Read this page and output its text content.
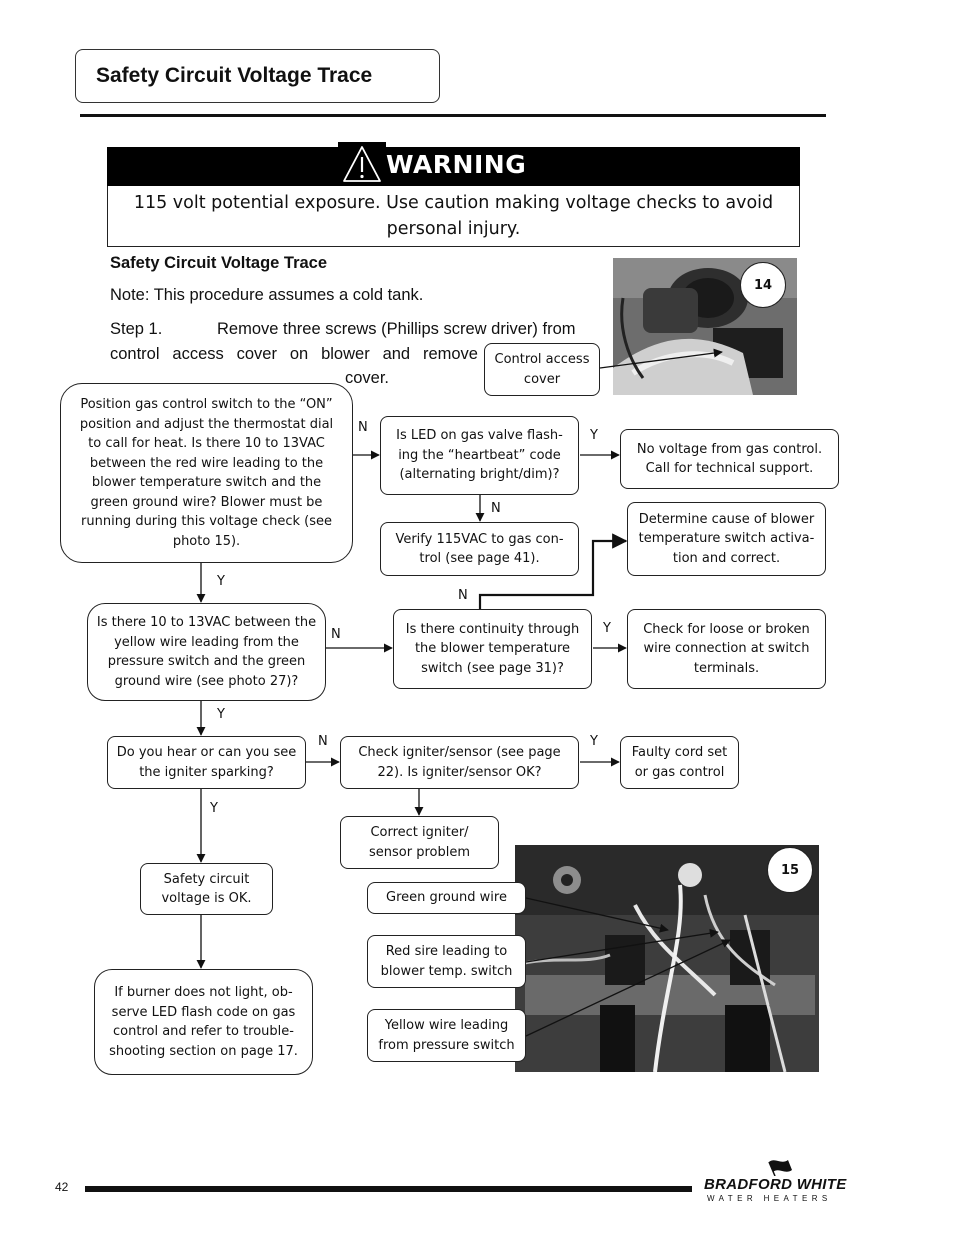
Safety Circuit Voltage Trace
WARNING
115 volt potential exposure. Use caution making voltage checks to avoid personal injury.
Safety Circuit Voltage Trace
Note: This procedure assumes a cold tank.
Step 1.	Remove three screws (Phillips screw driver) from
control access cover on blower and remove
cover.
14
Control access cover
Position gas control switch to the “ON” position and adjust the thermostat dial to call for heat. Is there 10 to 13VAC between the red wire leading to the blower temperature switch and the green ground wire? Blower must be running during this voltage check (see photo 15).
Is LED on gas valve flash-ing the “heartbeat” code (alternating bright/dim)?
No voltage from gas control. Call for technical support.
Verify 115VAC to gas con-trol (see page 41).
Determine cause of blower temperature switch activa-tion and correct.
Is there 10 to 13VAC between the yellow wire leading from the pressure switch and the green ground wire (see photo 27)?
Is there continuity through the blower temperature switch (see page 31)?
Check for loose or broken wire connection at switch terminals.
Do you hear or can you see the igniter sparking?
Check igniter/sensor (see page 22). Is igniter/sensor OK?
Faulty cord set or gas control
Correct igniter/ sensor problem
Safety circuit voltage is OK.
If burner does not light, ob-serve LED flash code on gas control and refer to trouble-shooting section on page 17.
15
Green ground wire
Red sire leading to blower temp. switch
Yellow wire leading from pressure switch
N
Y
N
Y
N
N	Y
Y
N	Y
Y
42	BRADFORD WHITE
WATER HEATERS
